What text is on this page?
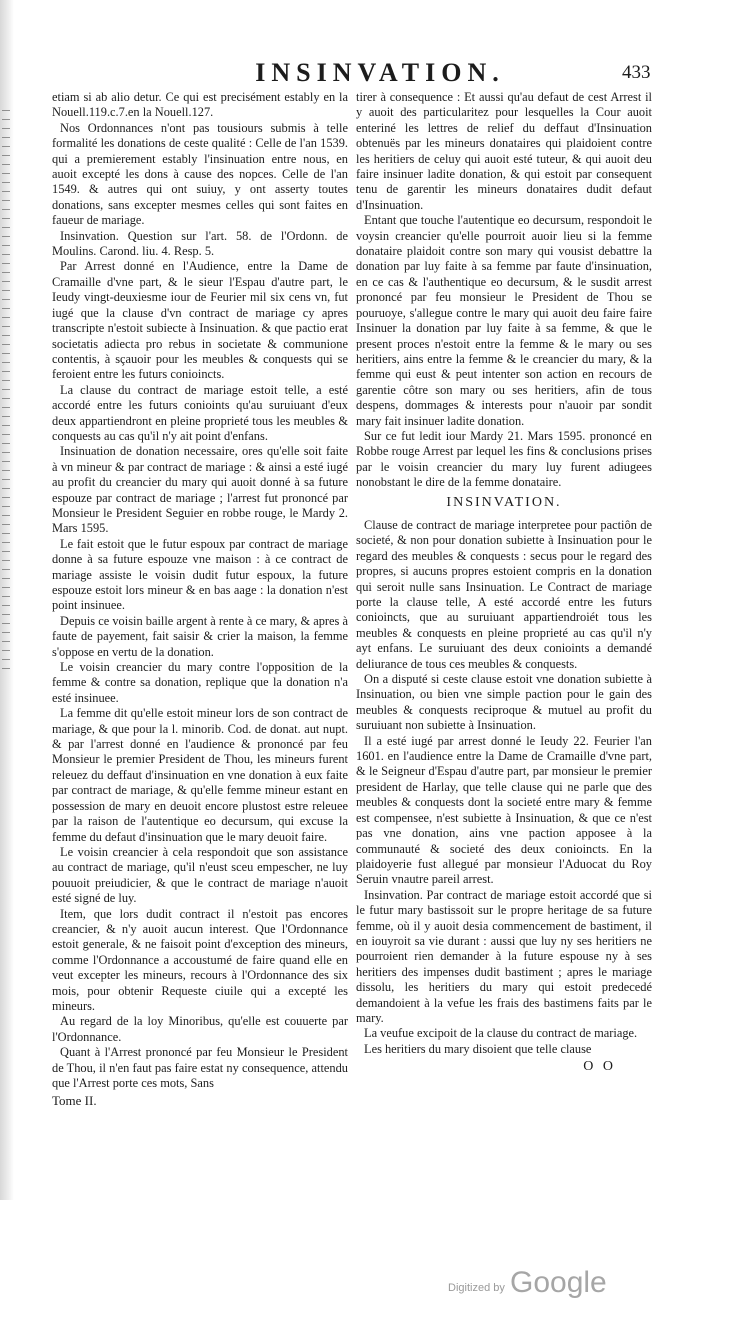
INSINVATION.	433

etiam si ab alio detur. Ce qui est precisément estably en la Nouell.119.c.7.en la Nouell.127.

Nos Ordonnances n'ont pas tousiours submis à telle formalité les donations de ceste qualité : Celle de l'an 1539. qui a premierement estably l'insinuation entre nous, en auoit excepté les dons à cause des nopces. Celle de l'an 1549. & autres qui ont suiuy, y ont asserty toutes donations, sans excepter mesmes celles qui sont faites en faueur de mariage.

Insinvation. Question sur l'art. 58. de l'Ordonn. de Moulins. Carond. liu. 4. Resp. 5.

Par Arrest donné en l'Audience, entre la Dame de Cramaille d'vne part, & le sieur l'Espau d'autre part, le Ieudy vingt-deuxiesme iour de Feurier mil six cens vn, fut iugé que la clause d'vn contract de mariage cy apres transcripte n'estoit subiecte à Insinuation. & que pactio erat societatis adiecta pro rebus in societate & communione contentis, à sçauoir pour les meubles & conquests qui se feroient entre les futurs conioincts.

La clause du contract de mariage estoit telle, a esté accordé entre les futurs conioints qu'au suruiuant d'eux deux appartiendront en pleine proprieté tous les meubles & conquests au cas qu'il n'y ait point d'enfans.

Insinuation de donation necessaire, ores qu'elle soit faite à vn mineur & par contract de mariage : & ainsi a esté iugé au profit du creancier du mary qui auoit donné à sa future espouze par contract de mariage ; l'arrest fut prononcé par Monsieur le President Seguier en robbe rouge, le Mardy 2. Mars 1595.

Le fait estoit que le futur espoux par contract de mariage donne à sa future espouze vne maison : à ce contract de mariage assiste le voisin dudit futur espoux, la future espouze estoit lors mineur & en bas aage : la donation n'est point insinuee.

Depuis ce voisin baille argent à rente à ce mary, & apres à faute de payement, fait saisir & crier la maison, la femme s'oppose en vertu de la donation.

Le voisin creancier du mary contre l'opposition de la femme & contre sa donation, replique que la donation n'a esté insinuee.

La femme dit qu'elle estoit mineur lors de son contract de mariage, & que pour la l. minorib. Cod. de donat. aut nupt. & par l'arrest donné en l'audience & prononcé par feu Monsieur le premier President de Thou, les mineurs furent releuez du deffaut d'insinuation en vne donation à eux faite par contract de mariage, & qu'elle femme mineur estant en possession de mary en deuoit encore plustost estre releuee par la raison de l'autentique eo decursum, qui excuse la femme du defaut d'insinuation que le mary deuoit faire.

Le voisin creancier à cela respondoit que son assistance au contract de mariage, qu'il n'eust sceu empescher, ne luy pouuoit preiudicier, & que le contract de mariage n'auoit esté signé de luy.

Item, que lors dudit contract il n'estoit pas encores creancier, & n'y auoit aucun interest. Que l'Ordonnance estoit generale, & ne faisoit point d'exception des mineurs, comme l'Ordonnance a accoustumé de faire quand elle en veut excepter les mineurs, recours à l'Ordonnance des six mois, pour obtenir Requeste ciuile qui a excepté les mineurs.

Au regard de la loy Minoribus, qu'elle est couuerte par l'Ordonnance.

Quant à l'Arrest prononcé par feu Monsieur le President de Thou, il n'en faut pas faire estat ny consequence, attendu que l'Arrest porte ces mots, Sans

Tome II.

tirer à consequence : Et aussi qu'au defaut de cest Arrest il y auoit des particularitez pour lesquelles la Cour auoit enteriné les lettres de relief du deffaut d'Insinuation obtenuës par les mineurs donataires qui plaidoient contre les heritiers de celuy qui auoit esté tuteur, & qui auoit deu faire insinuer ladite donation, & qui estoit par consequent tenu de garentir les mineurs donataires dudit defaut d'Insinuation.

Entant que touche l'autentique eo decursum, respondoit le voysin creancier qu'elle pourroit auoir lieu si la femme donataire plaidoit contre son mary qui vousist debattre la donation par luy faite à sa femme par faute d'insinuation, en ce cas & l'authentique eo decursum, & le susdit arrest prononcé par feu monsieur le President de Thou se pouruoye, s'allegue contre le mary qui auoit deu faire faire Insinuer la donation par luy faite à sa femme, & que le present proces n'estoit entre la femme & le mary ou ses heritiers, ains entre la femme & le creancier du mary, & la femme qui eust & peut intenter son action en recours de garentie côtre son mary ou ses heritiers, afin de tous despens, dommages & interests pour n'auoir par sondit mary fait insinuer ladite donation.

Sur ce fut ledit iour Mardy 21. Mars 1595. prononcé en Robbe rouge Arrest par lequel les fins & conclusions prises par le voisin creancier du mary luy furent adiugees nonobstant le dire de la femme donataire.

INSINVATION.

Clause de contract de mariage interpretee pour pactiôn de societé, & non pour donation subiette à Insinuation pour le regard des meubles & conquests : secus pour le regard des propres, si aucuns propres estoient compris en la donation qui seroit nulle sans Insinuation. Le Contract de mariage porte la clause telle, A esté accordé entre les futurs conioincts, que au suruiuant appartiendroiét tous les meubles & conquests en pleine proprieté au cas qu'il n'y ayt enfans. Le suruiuant des deux conioints a demandé deliurance de tous ces meubles & conquests.

On a disputé si ceste clause estoit vne donation subiette à Insinuation, ou bien vne simple paction pour le gain des meubles & conquests reciproque & mutuel au profit du suruiuant non subiette à Insinuation.

Il a esté iugé par arrest donné le Ieudy 22. Feurier l'an 1601. en l'audience entre la Dame de Cramaille d'vne part, & le Seigneur d'Espau d'autre part, par monsieur le premier president de Harlay, que telle clause qui ne parle que des meubles & conquests dont la societé entre mary & femme est compensee, n'est subiette à Insinuation, & que ce n'est pas vne donation, ains vne paction apposee à la communauté & societé des deux conioincts. En la plaidoyerie fust allegué par monsieur l'Aduocat du Roy Seruin vnautre pareil arrest.

Insinvation. Par contract de mariage estoit accordé que si le futur mary bastissoit sur le propre heritage de sa future femme, où il y auoit desia commencement de bastiment, il en iouyroit sa vie durant : aussi que luy ny ses heritiers ne pourroient rien demander à la future espouse ny à ses heritiers des impenses dudit bastiment ; apres le mariage dissolu, les heritiers du mary qui estoit predecedé demandoient à la vefue les frais des bastimens faits par le mary.

La veufue excipoit de la clause du contract de mariage.

Les heritiers du mary disoient que telle clause

O O
Digitized by Google
